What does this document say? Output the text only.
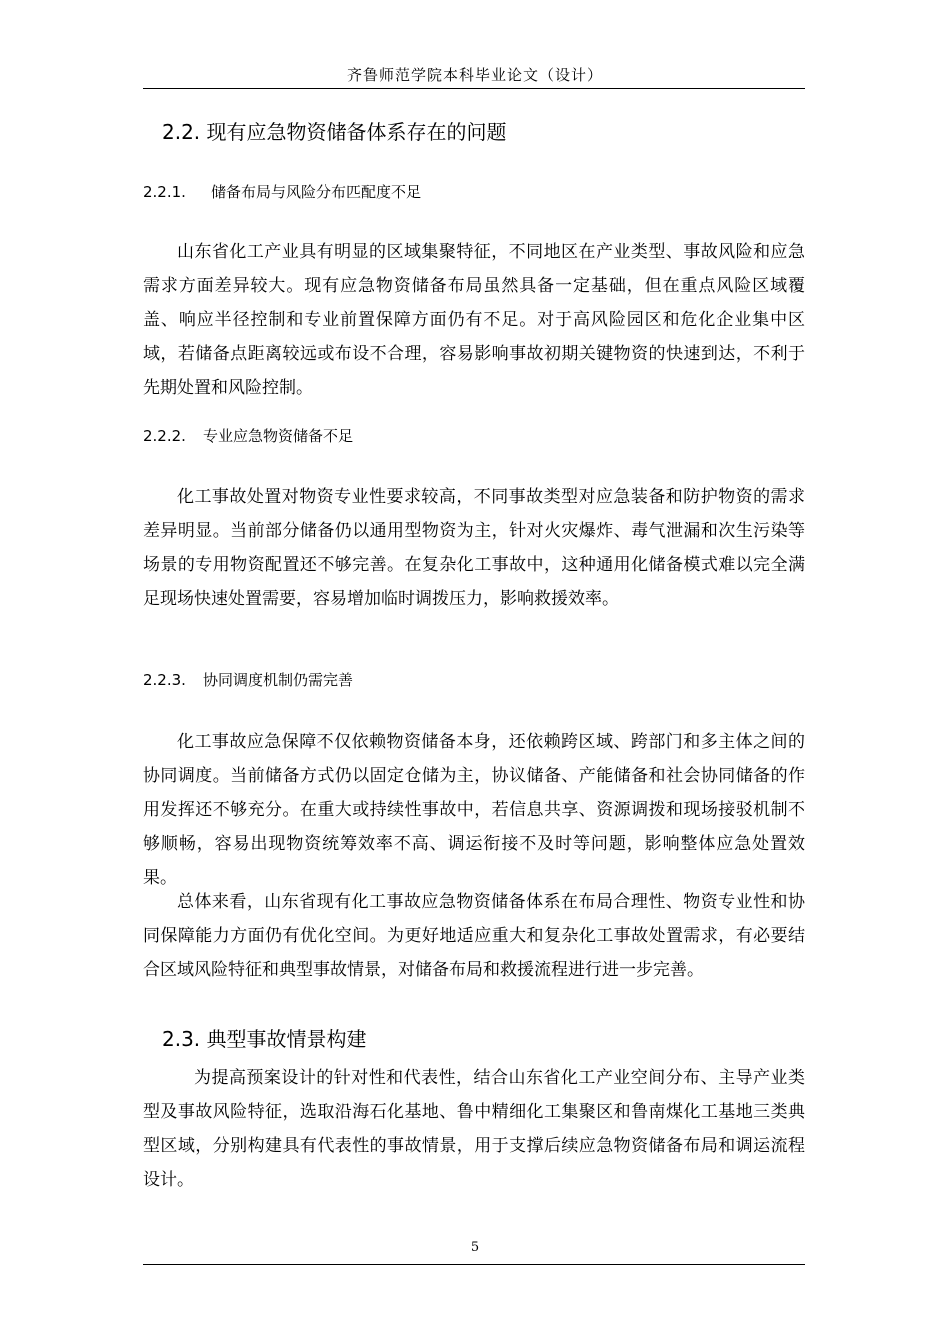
齐鲁师范学院本科毕业论文（设计）
2.2. 现有应急物资储备体系存在的问题
2.2.1. 储备布局与风险分布匹配度不足

山东省化工产业具有明显的区域集聚特征，不同地区在产业类型、事故风险和应急需求方面差异较大。现有应急物资储备布局虽然具备一定基础，但在重点风险区域覆盖、响应半径控制和专业前置保障方面仍有不足。对于高风险园区和危化企业集中区域，若储备点距离较远或布设不合理，容易影响事故初期关键物资的快速到达，不利于先期处置和风险控制。

2.2.2. 专业应急物资储备不足

化工事故处置对物资专业性要求较高，不同事故类型对应急装备和防护物资的需求差异明显。当前部分储备仍以通用型物资为主，针对火灾爆炸、毒气泄漏和次生污染等场景的专用物资配置还不够完善。在复杂化工事故中，这种通用化储备模式难以完全满足现场快速处置需要，容易增加临时调拨压力，影响救援效率。

2.2.3. 协同调度机制仍需完善

化工事故应急保障不仅依赖物资储备本身，还依赖跨区域、跨部门和多主体之间的协同调度。当前储备方式仍以固定仓储为主，协议储备、产能储备和社会协同储备的作用发挥还不够充分。在重大或持续性事故中，若信息共享、资源调拨和现场接驳机制不够顺畅，容易出现物资统筹效率不高、调运衔接不及时等问题，影响整体应急处置效果。

总体来看，山东省现有化工事故应急物资储备体系在布局合理性、物资专业性和协同保障能力方面仍有优化空间。为更好地适应重大和复杂化工事故处置需求，有必要结合区域风险特征和典型事故情景，对储备布局和救援流程进行进一步完善。

2.3. 典型事故情景构建

为提高预案设计的针对性和代表性，结合山东省化工产业空间分布、主导产业类型及事故风险特征，选取沿海石化基地、鲁中精细化工集聚区和鲁南煤化工基地三类典型区域，分别构建具有代表性的事故情景，用于支撑后续应急物资储备布局和调运流程设计。

5
